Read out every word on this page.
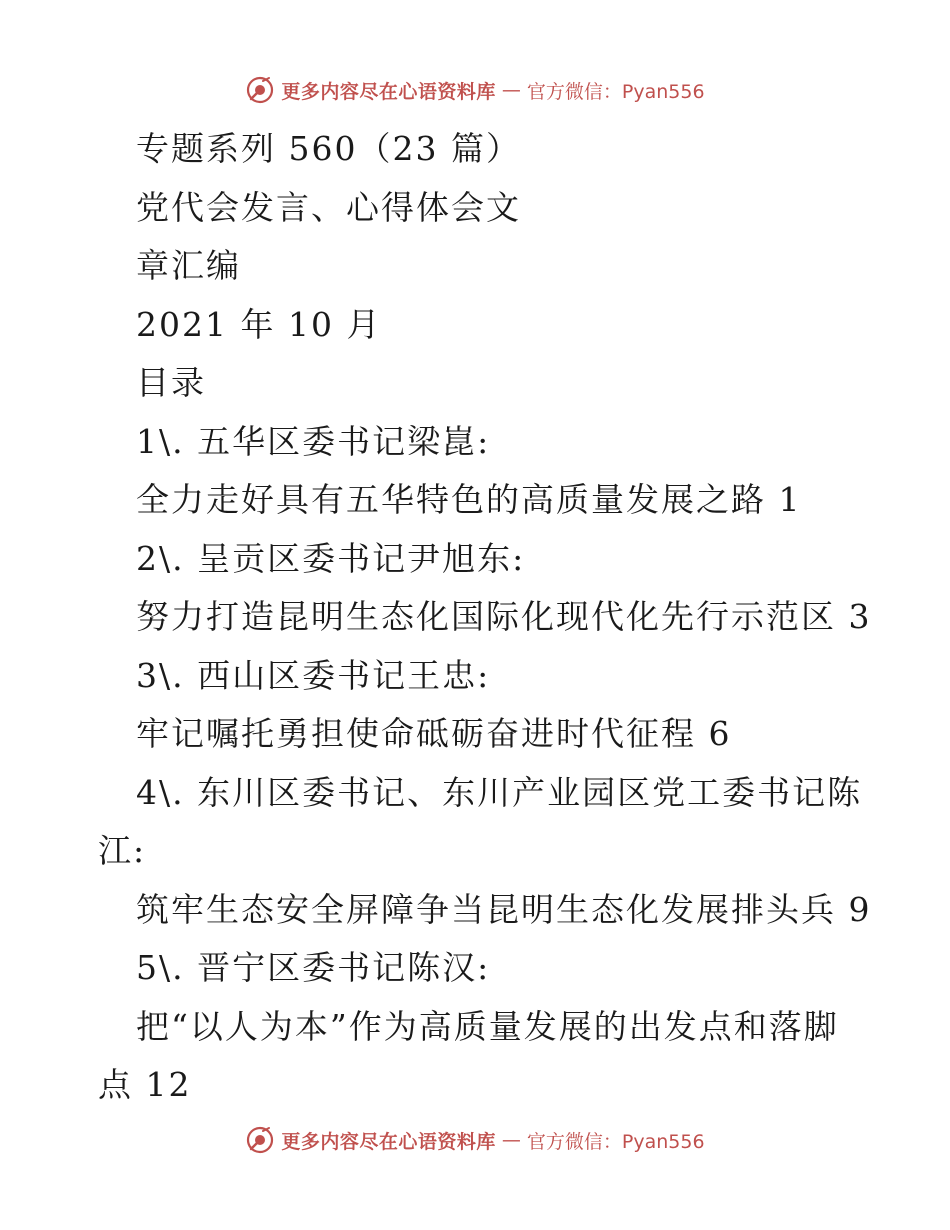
更多内容尽在心语资料库 — 官方微信：Pyan556
专题系列 560（23 篇）
党代会发言、心得体会文
章汇编
2021 年 10 月
目录
1\. 五华区委书记梁崑:
全力走好具有五华特色的高质量发展之路 1
2\. 呈贡区委书记尹旭东:
努力打造昆明生态化国际化现代化先行示范区 3
3\. 西山区委书记王忠:
牢记嘱托勇担使命砥砺奋进时代征程 6
4\. 东川区委书记、东川产业园区党工委书记陈
江:
筑牢生态安全屏障争当昆明生态化发展排头兵 9
5\. 晋宁区委书记陈汉:
把“以人为本”作为高质量发展的出发点和落脚
点 12
更多内容尽在心语资料库 — 官方微信：Pyan556
